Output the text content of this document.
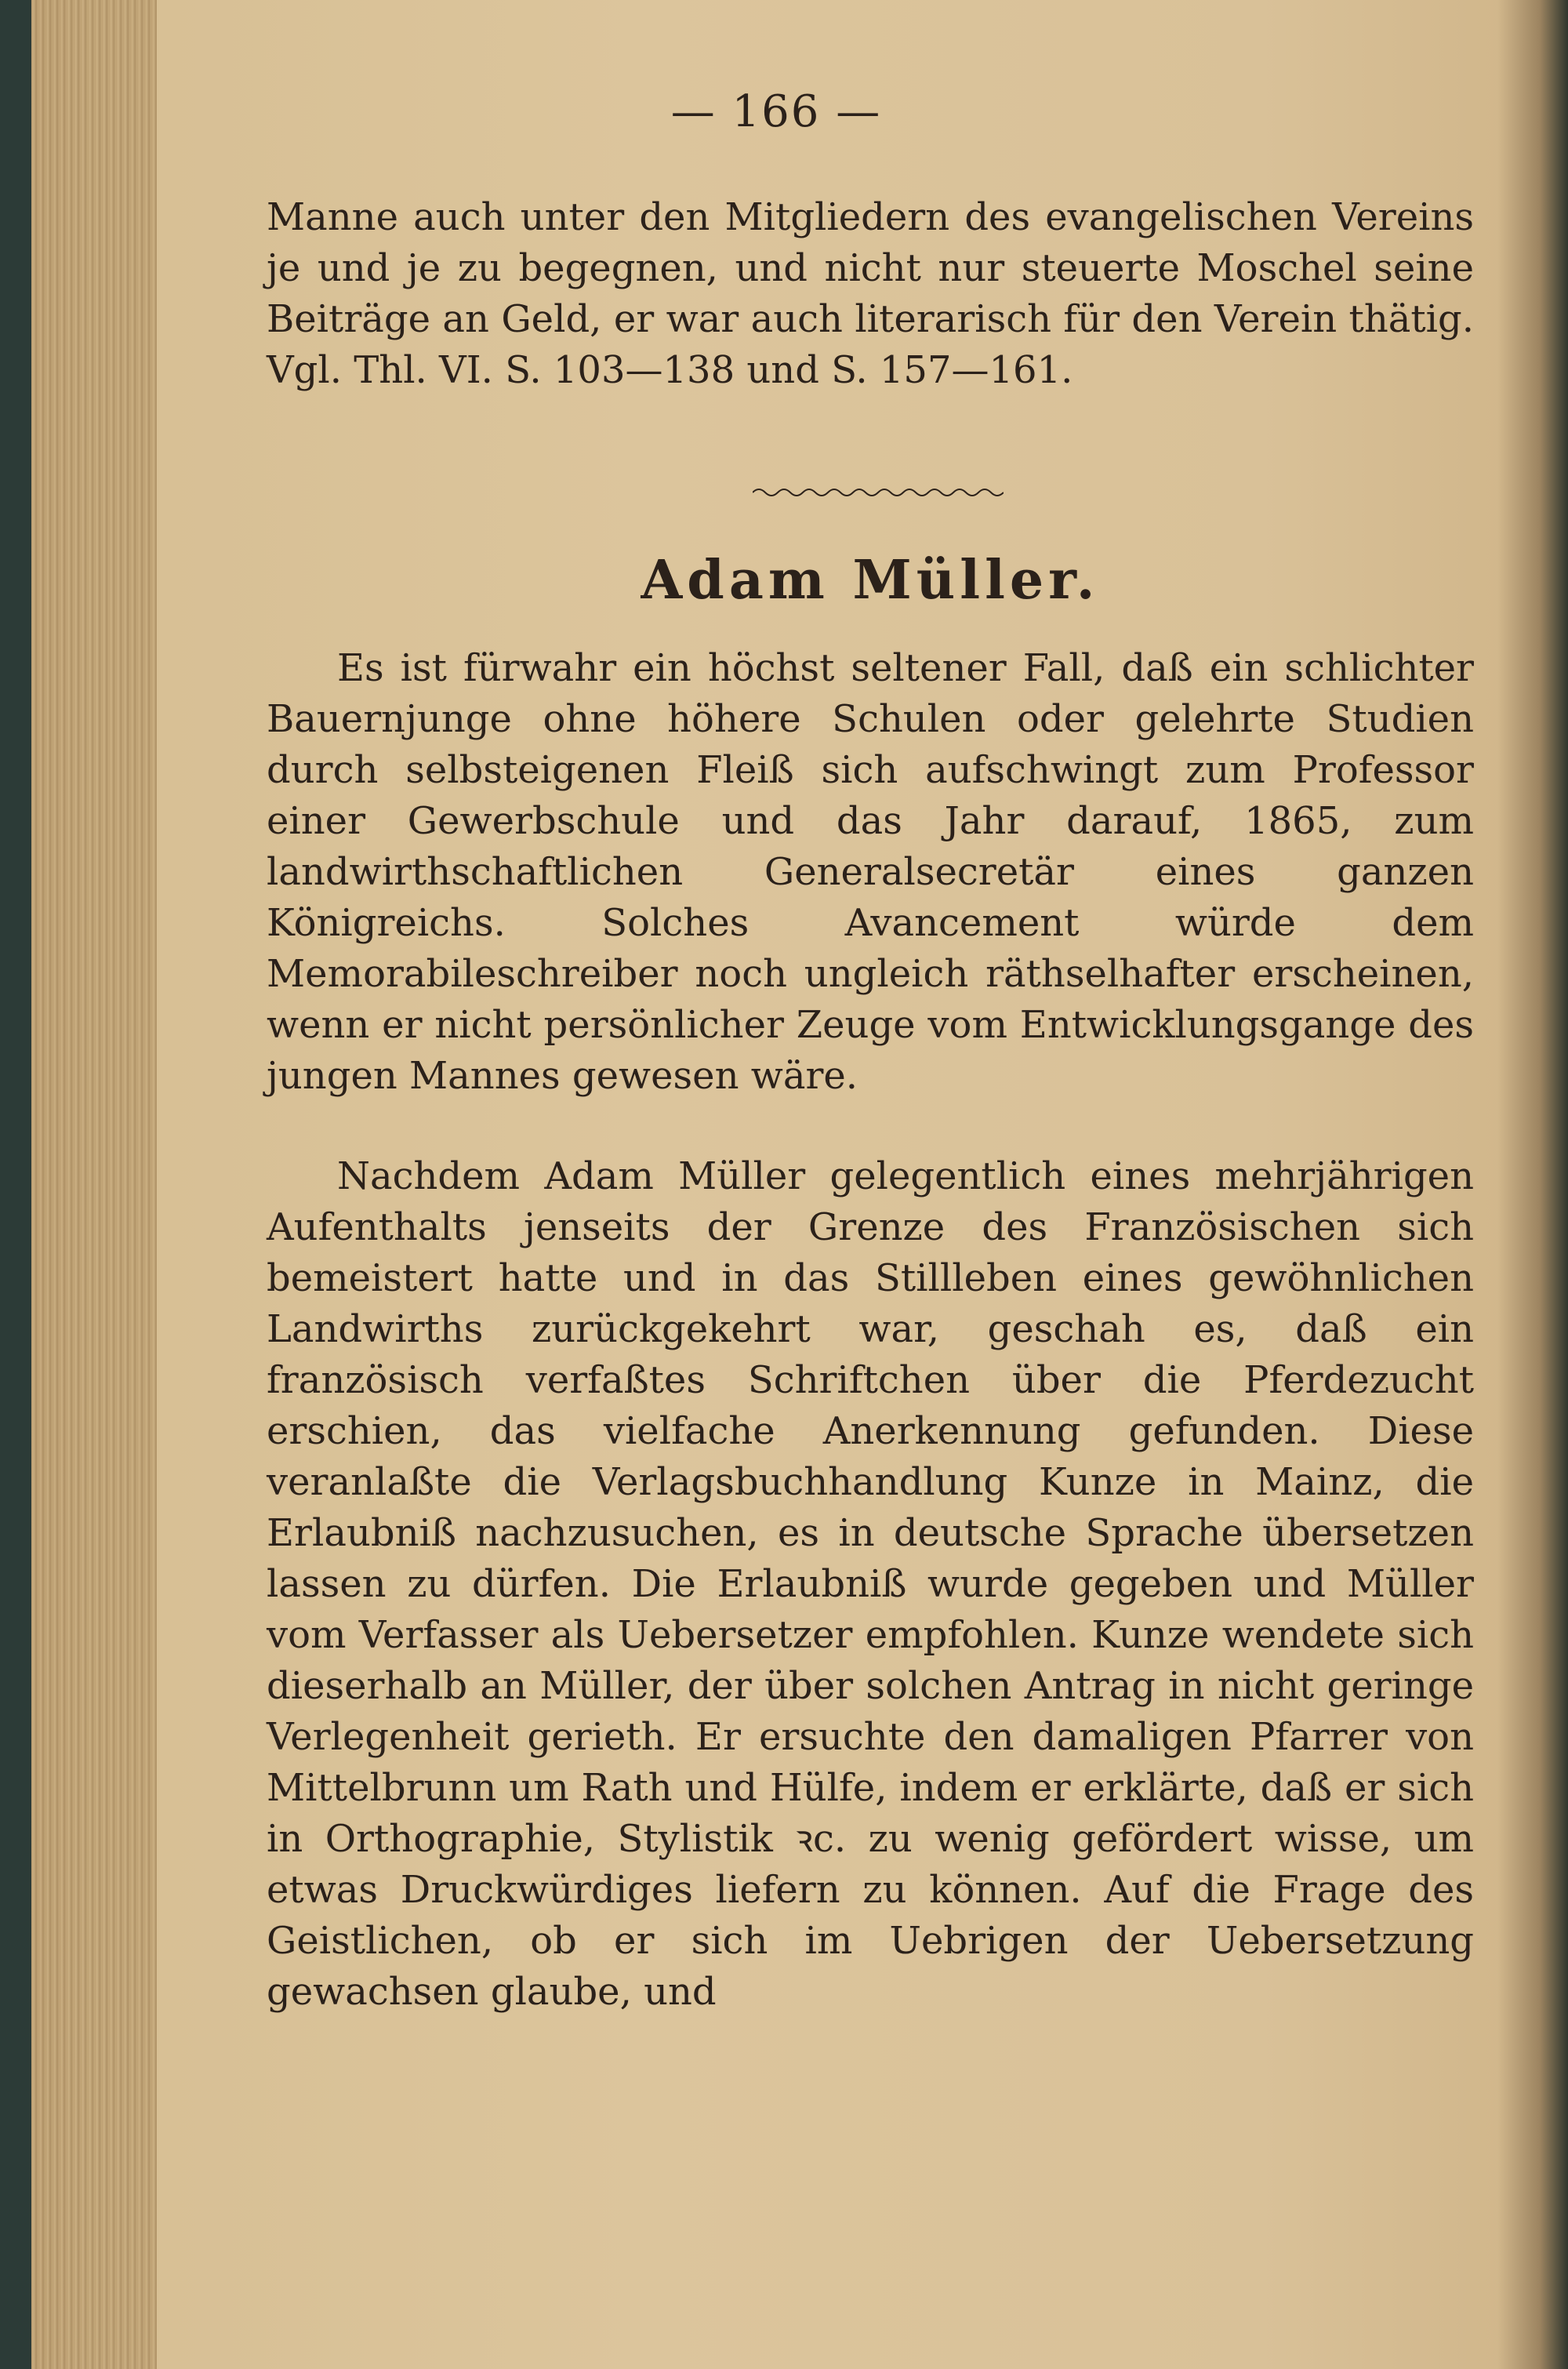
— 166 —

Manne auch unter den Mitgliedern des evangelischen Vereins je und je zu begegnen, und nicht nur steuerte Moschel seine Beiträge an Geld, er war auch literarisch für den Verein thätig. Vgl. Thl. VI. S. 103—138 und S. 157—161.

Adam Müller.

Es ist fürwahr ein höchst seltener Fall, daß ein schlichter Bauernjunge ohne höhere Schulen oder gelehrte Studien durch selbsteigenen Fleiß sich aufschwingt zum Professor einer Gewerbschule und das Jahr darauf, 1865, zum landwirthschaftlichen Generalsecretär eines ganzen Königreichs. Solches Avancement würde dem Memorabileschreiber noch ungleich räthselhafter erscheinen, wenn er nicht persönlicher Zeuge vom Entwicklungsgange des jungen Mannes gewesen wäre.

Nachdem Adam Müller gelegentlich eines mehrjährigen Aufenthalts jenseits der Grenze des Französischen sich bemeistert hatte und in das Stillleben eines gewöhnlichen Landwirths zurückgekehrt war, geschah es, daß ein französisch verfaßtes Schriftchen über die Pferdezucht erschien, das vielfache Anerkennung gefunden. Diese veranlaßte die Verlagsbuchhandlung Kunze in Mainz, die Erlaubniß nachzusuchen, es in deutsche Sprache übersetzen lassen zu dürfen. Die Erlaubniß wurde gegeben und Müller vom Verfasser als Uebersetzer empfohlen. Kunze wendete sich dieserhalb an Müller, der über solchen Antrag in nicht geringe Verlegenheit gerieth. Er ersuchte den damaligen Pfarrer von Mittelbrunn um Rath und Hülfe, indem er erklärte, daß er sich in Orthographie, Stylistik ꝛc. zu wenig gefördert wisse, um etwas Druckwürdiges liefern zu können. Auf die Frage des Geistlichen, ob er sich im Uebrigen der Uebersetzung gewachsen glaube, und
